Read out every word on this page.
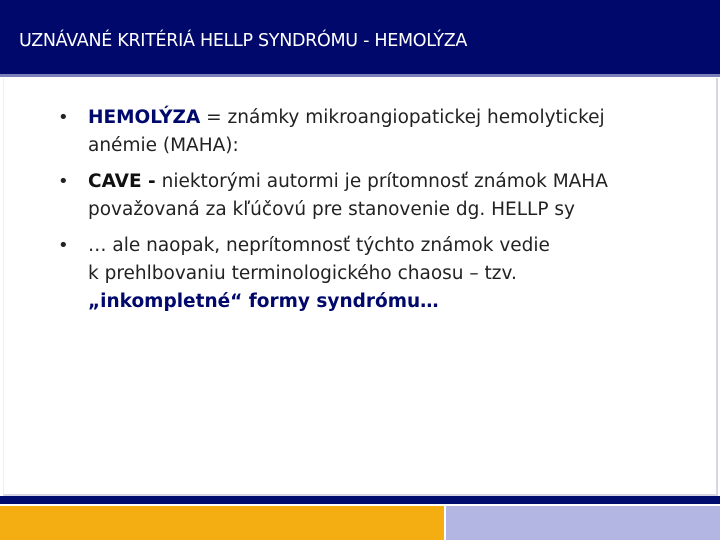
UZNÁVANÉ KRITÉRIÁ HELLP SYNDRÓMU - HEMOLÝZA
• HEMOLÝZA = známky mikroangiopatickej hemolytickej
anémie (MAHA):
• CAVE - niektorými autormi je prítomnosť známok MAHA
považovaná za kľúčovú pre stanovenie dg. HELLP sy
• … ale naopak, neprítomnosť týchto známok vedie
k prehlbovaniu terminologického chaosu – tzv.
„inkompletné“ formy syndrómu…
